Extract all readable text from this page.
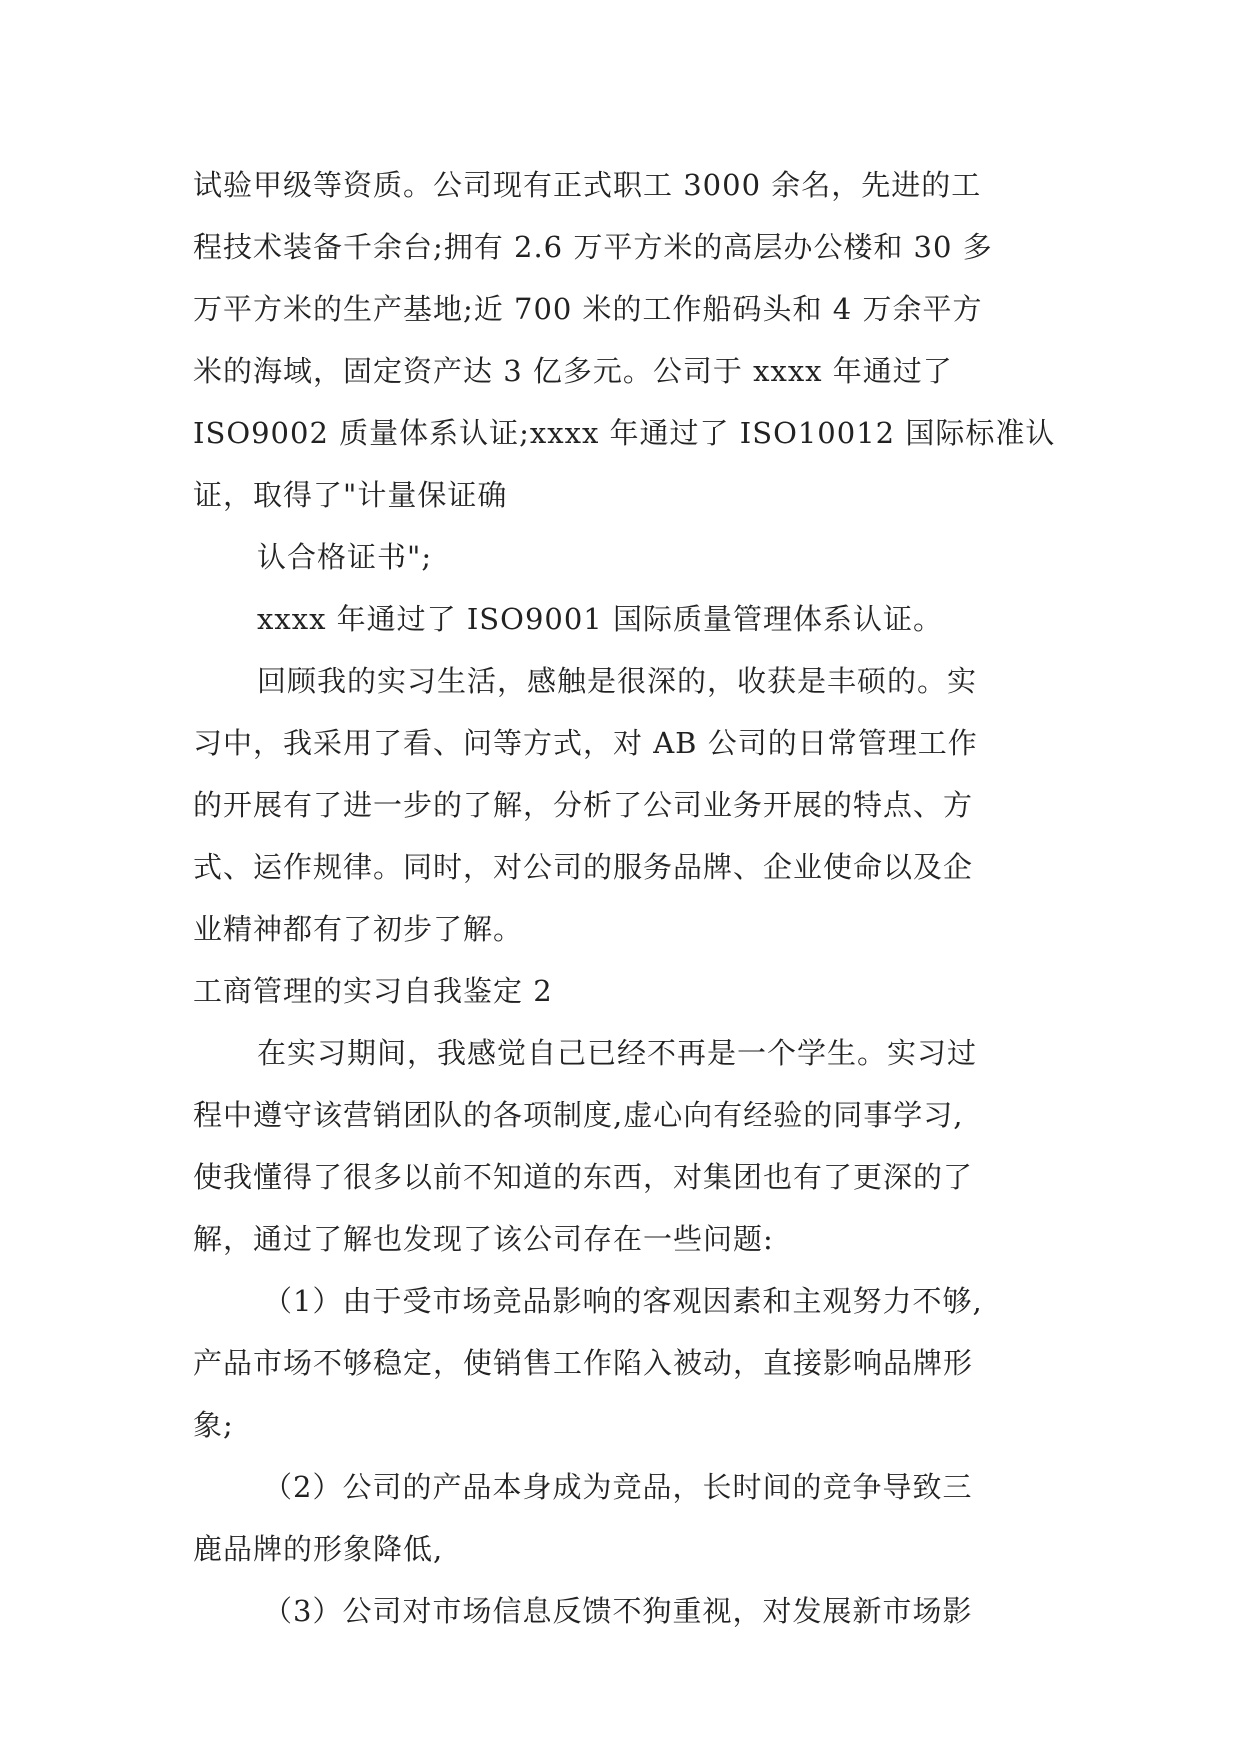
试验甲级等资质。公司现有正式职工 3000 余名，先进的工
程技术装备千余台;拥有 2.6 万平方米的高层办公楼和 30 多
万平方米的生产基地;近 700 米的工作船码头和 4 万余平方
米的海域，固定资产达 3 亿多元。公司于 xxxx 年通过了
ISO9002 质量体系认证;xxxx 年通过了 ISO10012 国际标准认
证，取得了"计量保证确
认合格证书";
xxxx 年通过了 ISO9001 国际质量管理体系认证。
回顾我的实习生活，感触是很深的，收获是丰硕的。实
习中，我采用了看、问等方式，对 AB 公司的日常管理工作
的开展有了进一步的了解，分析了公司业务开展的特点、方
式、运作规律。同时，对公司的服务品牌、企业使命以及企
业精神都有了初步了解。
工商管理的实习自我鉴定 2
在实习期间，我感觉自己已经不再是一个学生。实习过
程中遵守该营销团队的各项制度,虚心向有经验的同事学习,
使我懂得了很多以前不知道的东西，对集团也有了更深的了
解，通过了解也发现了该公司存在一些问题:
（1）由于受市场竞品影响的客观因素和主观努力不够,
产品市场不够稳定，使销售工作陷入被动，直接影响品牌形
象;
（2）公司的产品本身成为竞品，长时间的竞争导致三
鹿品牌的形象降低,
（3）公司对市场信息反馈不狗重视，对发展新市场影
